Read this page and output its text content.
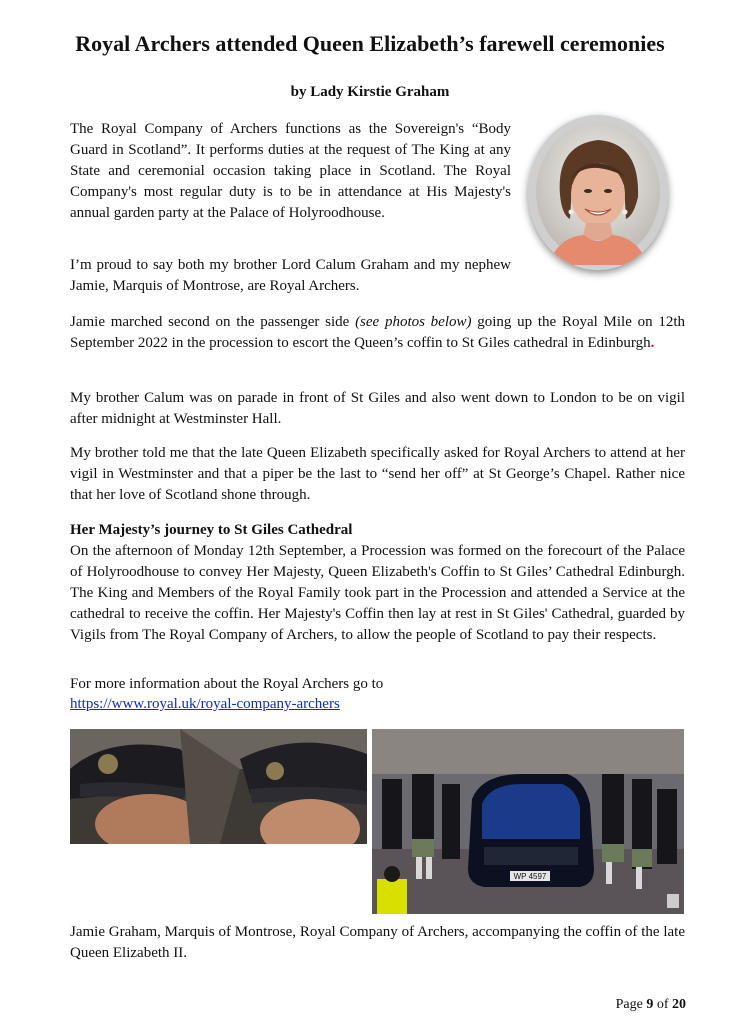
Royal Archers attended Queen Elizabeth’s farewell ceremonies
by Lady Kirstie Graham

The Royal Company of Archers functions as the Sovereign's “Body Guard in Scotland”. It performs duties at the request of The King at any State and ceremonial occasion taking place in Scotland. The Royal Company's most regular duty is to be in attendance at His Majesty's annual garden party at the Palace of Holyroodhouse.

I’m proud to say both my brother Lord Calum Graham and my nephew Jamie, Marquis of Montrose, are Royal Archers.

Jamie marched second on the passenger side (see photos below) going up the Royal Mile on 12th September 2022 in the procession to escort the Queen’s coffin to St Giles cathedral in Edinburgh.

My brother Calum was on parade in front of St Giles and also went down to London to be on vigil after midnight at Westminster Hall.

My brother told me that the late Queen Elizabeth specifically asked for Royal Archers to attend at her vigil in Westminster and that a piper be the last to “send her off” at St George’s Chapel. Rather nice that her love of Scotland shone through.

Her Majesty’s journey to St Giles Cathedral

On the afternoon of Monday 12th September, a Procession was formed on the forecourt of the Palace of Holyroodhouse to convey Her Majesty, Queen Elizabeth's Coffin to St Giles’ Cathedral Edinburgh. The King and Members of the Royal Family took part in the Procession and attended a Service at the cathedral to receive the coffin. Her Majesty's Coffin then lay at rest in St Giles' Cathedral, guarded by Vigils from The Royal Company of Archers, to allow the people of Scotland to pay their respects.

For more information about the Royal Archers go to
https://www.royal.uk/royal-company-archers
WP 4597
Jamie Graham, Marquis of Montrose, Royal Company of Archers, accompanying the coffin of the late Queen Elizabeth II.
Page 9 of 20
